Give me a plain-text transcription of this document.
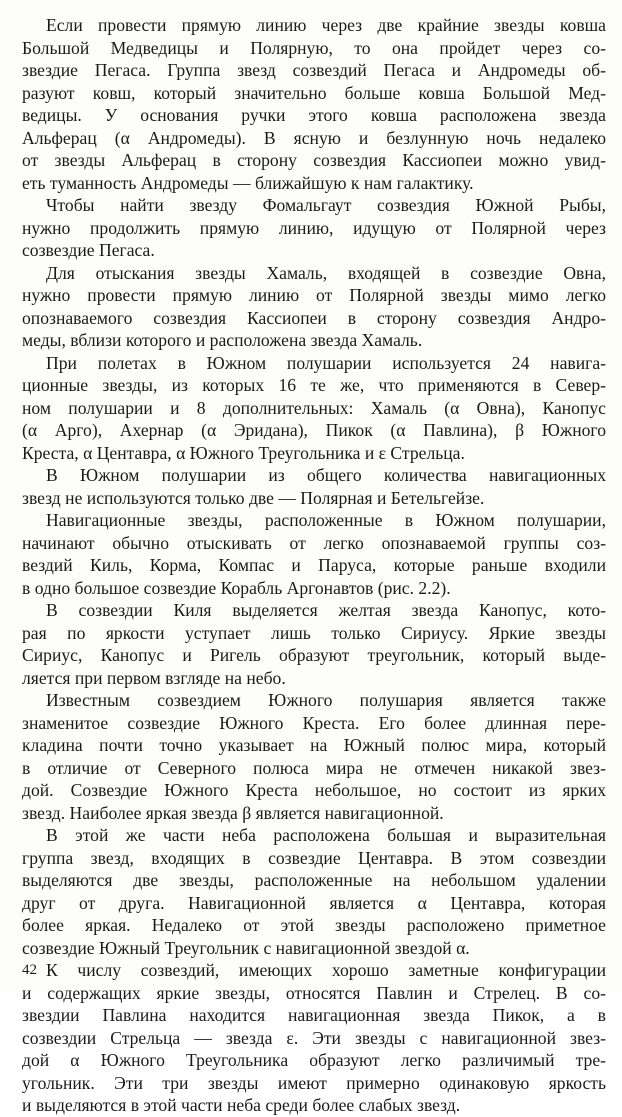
Если провести прямую линию через две крайние звезды ковша
Большой Медведицы и Полярную, то она пройдет через со-
звездие Пегаса. Группа звезд созвездий Пегаса и Андромеды об-
разуют ковш, который значительно больше ковша Большой Мед-
ведицы. У основания ручки этого ковша расположена звезда
Альферац (α Андромеды). В ясную и безлунную ночь недалеко
от звезды Альферац в сторону созвездия Кассиопеи можно увид-
еть туманность Андромеды — ближайшую к нам галактику.
Чтобы найти звезду Фомальгаут созвездия Южной Рыбы,
нужно продолжить прямую линию, идущую от Полярной через
созвездие Пегаса.
Для отыскания звезды Хамаль, входящей в созвездие Овна,
нужно провести прямую линию от Полярной звезды мимо легко
опознаваемого созвездия Кассиопеи в сторону созвездия Андро-
меды, вблизи которого и расположена звезда Хамаль.
При полетах в Южном полушарии используется 24 навига-
ционные звезды, из которых 16 те же, что применяются в Север-
ном полушарии и 8 дополнительных: Хамаль (α Овна), Канопус
(α Арго), Ахернар (α Эридана), Пикок (α Павлина), β Южного
Креста, α Центавра, α Южного Треугольника и ε Стрельца.
В Южном полушарии из общего количества навигационных
звезд не используются только две — Полярная и Бетельгейзе.
Навигационные звезды, расположенные в Южном полушарии,
начинают обычно отыскивать от легко опознаваемой группы соз-
вездий Киль, Корма, Компас и Паруса, которые раньше входили
в одно большое созвездие Корабль Аргонавтов (рис. 2.2).
В созвездии Киля выделяется желтая звезда Канопус, кото-
рая по яркости уступает лишь только Сириусу. Яркие звезды
Сириус, Канопус и Ригель образуют треугольник, который выде-
ляется при первом взгляде на небо.
Известным созвездием Южного полушария является также
знаменитое созвездие Южного Креста. Его более длинная пере-
кладина почти точно указывает на Южный полюс мира, который
в отличие от Северного полюса мира не отмечен никакой звез-
дой. Созвездие Южного Креста небольшое, но состоит из ярких
звезд. Наиболее яркая звезда β является навигационной.
В этой же части неба расположена большая и выразительная
группа звезд, входящих в созвездие Центавра. В этом созвездии
выделяются две звезды, расположенные на небольшом удалении
друг от друга. Навигационной является α Центавра, которая
более яркая. Недалеко от этой звезды расположено приметное
созвездие Южный Треугольник с навигационной звездой α.
К числу созвездий, имеющих хорошо заметные конфигурации
и содержащих яркие звезды, относятся Павлин и Стрелец. В со-
звездии Павлина находится навигационная звезда Пикок, а в
созвездии Стрельца — звезда ε. Эти звезды с навигационной звез-
дой α Южного Треугольника образуют легко различимый тре-
угольник. Эти три звезды имеют примерно одинаковую яркость
и выделяются в этой части неба среди более слабых звезд.
42
